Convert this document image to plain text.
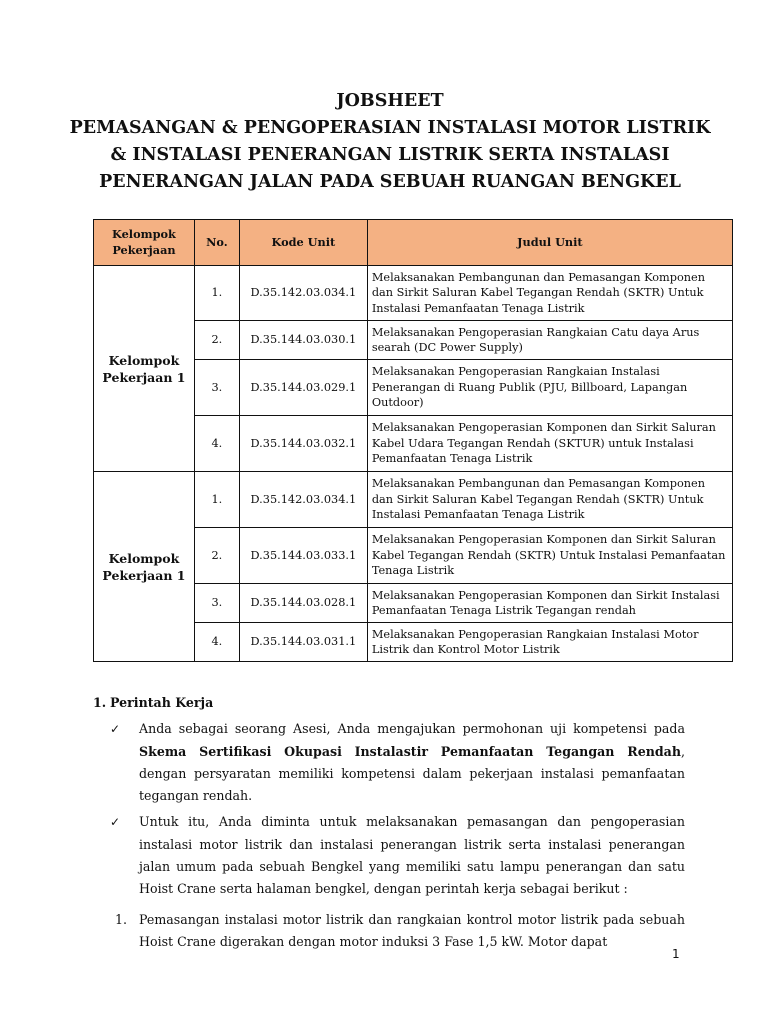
JOBSHEET
PEMASANGAN & PENGOPERASIAN INSTALASI MOTOR LISTRIK
& INSTALASI PENERANGAN LISTRIK SERTA INSTALASI
PENERANGAN JALAN PADA SEBUAH RUANGAN BENGKEL
Kelompok Pekerjaan	No.	Kode Unit	Judul Unit
Kelompok Pekerjaan 1	1.	D.35.142.03.034.1	Melaksanakan Pembangunan dan Pemasangan Komponen dan Sirkit Saluran Kabel Tegangan Rendah (SKTR) Untuk Instalasi Pemanfaatan Tenaga Listrik
	2.	D.35.144.03.030.1	Melaksanakan Pengoperasian Rangkaian Catu daya Arus searah (DC Power Supply)
	3.	D.35.144.03.029.1	Melaksanakan Pengoperasian Rangkaian Instalasi Penerangan di Ruang Publik (PJU, Billboard, Lapangan Outdoor)
	4.	D.35.144.03.032.1	Melaksanakan Pengoperasian Komponen dan Sirkit Saluran Kabel Udara Tegangan Rendah (SKTUR) untuk Instalasi Pemanfaatan Tenaga Listrik
Kelompok Pekerjaan 1	1.	D.35.142.03.034.1	Melaksanakan Pembangunan dan Pemasangan Komponen dan Sirkit Saluran Kabel Tegangan Rendah (SKTR) Untuk Instalasi Pemanfaatan Tenaga Listrik
	2.	D.35.144.03.033.1	Melaksanakan Pengoperasian Komponen dan Sirkit Saluran Kabel Tegangan Rendah (SKTR) Untuk Instalasi Pemanfaatan Tenaga Listrik
	3.	D.35.144.03.028.1	Melaksanakan Pengoperasian Komponen dan Sirkit Instalasi Pemanfaatan Tenaga Listrik Tegangan rendah
	4.	D.35.144.03.031.1	Melaksanakan Pengoperasian Rangkaian Instalasi Motor Listrik dan Kontrol Motor Listrik
1. Perintah Kerja
✓	Anda sebagai seorang Asesi, Anda mengajukan permohonan uji kompetensi pada Skema Sertifikasi Okupasi Instalastir Pemanfaatan Tegangan Rendah, dengan persyaratan memiliki kompetensi dalam pekerjaan instalasi pemanfaatan tegangan rendah.
✓	Untuk itu, Anda diminta untuk melaksanakan pemasangan dan pengoperasian instalasi motor listrik dan instalasi penerangan listrik serta instalasi penerangan jalan umum pada sebuah Bengkel yang memiliki satu lampu penerangan dan satu Hoist Crane serta halaman bengkel, dengan perintah kerja sebagai berikut :
1. Pemasangan instalasi motor listrik dan rangkaian kontrol motor listrik pada sebuah Hoist Crane digerakan dengan motor induksi 3 Fase 1,5 kW. Motor dapat
1
